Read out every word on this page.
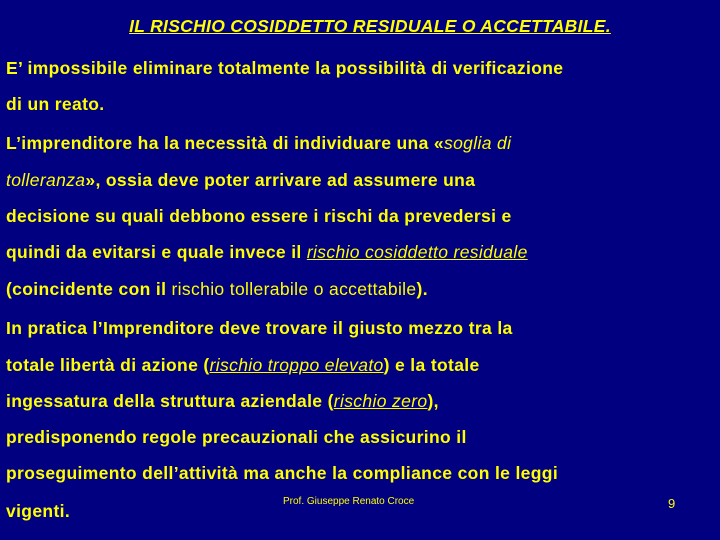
IL RISCHIO COSIDDETTO RESIDUALE O ACCETTABILE.
E’ impossibile eliminare totalmente la possibilità di verificazione
di un reato.
L’imprenditore ha la necessità di individuare una «soglia di
tolleranza», ossia deve poter arrivare ad assumere una
decisione su quali debbono essere i rischi da prevedersi e
quindi da evitarsi e quale invece il rischio cosiddetto residuale
(coincidente con il rischio tollerabile o accettabile).
In pratica l’Imprenditore deve trovare il giusto mezzo tra la
totale libertà di azione (rischio troppo elevato) e la totale
ingessatura della struttura aziendale (rischio zero),
predisponendo regole precauzionali che assicurino il
proseguimento dell’attività ma anche la compliance con le leggi
vigenti.	Prof. Giuseppe Renato Croce	9
